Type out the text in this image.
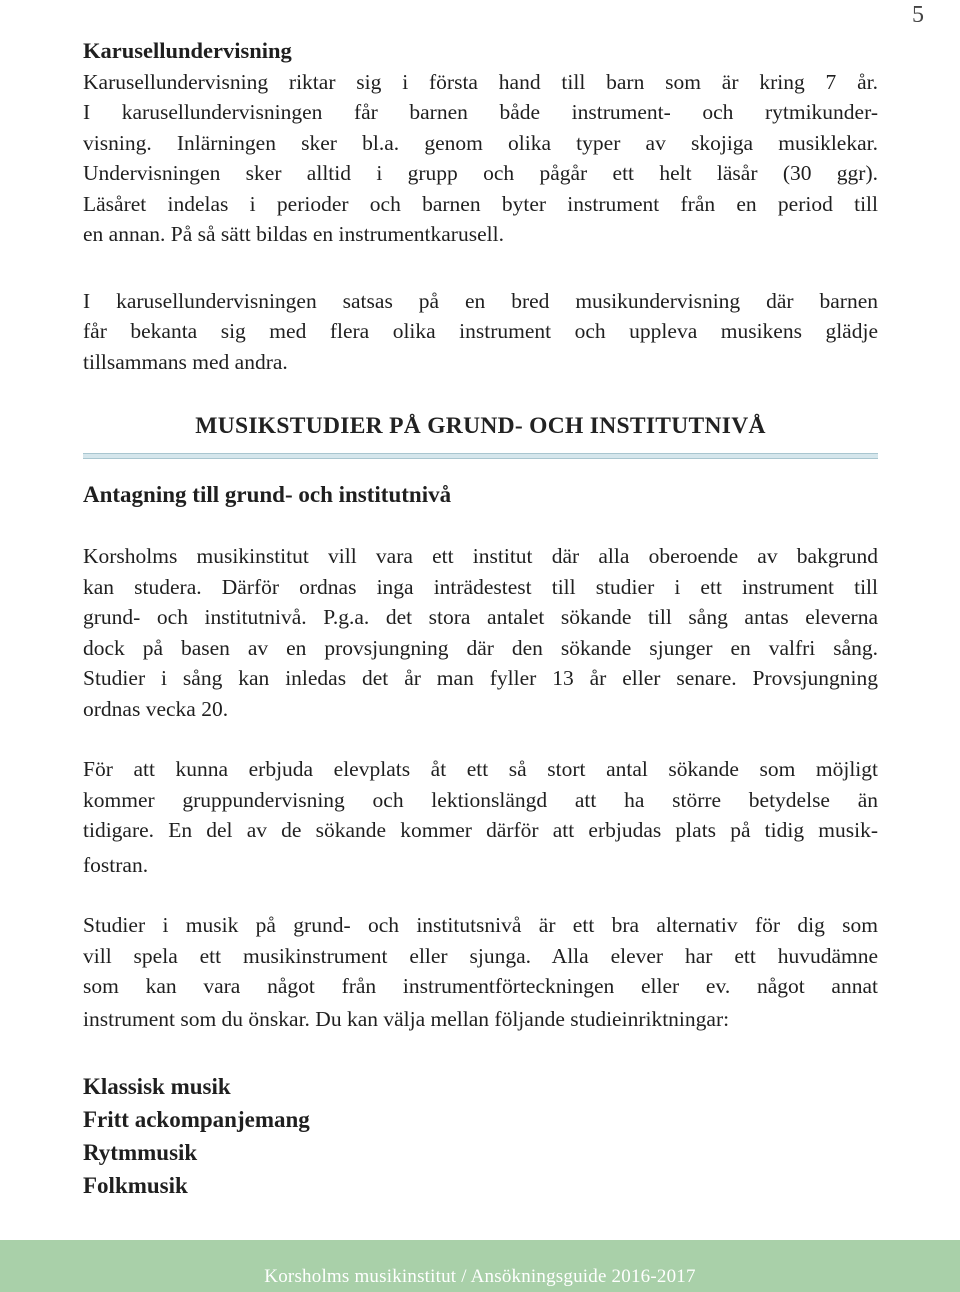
5
Karusellundervisning
Karusellundervisning riktar sig i första hand till barn som är kring 7 år.
I karusellundervisningen får barnen både instrument- och rytmikunder-
visning. Inlärningen sker bl.a. genom olika typer av skojiga musiklekar.
Undervisningen sker alltid i grupp och pågår ett helt läsår (30 ggr).
Läsåret indelas i perioder och barnen byter instrument från en period till
en annan. På så sätt bildas en instrumentkarusell.
I karusellundervisningen satsas på en bred musikundervisning där barnen
får bekanta sig med flera olika instrument och uppleva musikens glädje
tillsammans med andra.
MUSIKSTUDIER PÅ GRUND- OCH INSTITUTNIVÅ
Antagning till grund- och institutnivå
Korsholms musikinstitut vill vara ett institut där alla oberoende av bakgrund
kan studera. Därför ordnas inga inträdestest till studier i ett instrument till
grund- och institutnivå. P.g.a. det stora antalet sökande till sång antas eleverna
dock på basen av en provsjungning där den sökande sjunger en valfri sång.
Studier i sång kan inledas det år man fyller 13 år eller senare. Provsjungning
ordnas vecka 20.
För att kunna erbjuda elevplats åt ett så stort antal sökande som möjligt
kommer gruppundervisning och lektionslängd att ha större betydelse än
tidigare. En del av de sökande kommer därför att erbjudas plats på tidig musik-
fostran.
Studier i musik på grund- och institutsnivå är ett bra alternativ för dig som
vill spela ett musikinstrument eller sjunga. Alla elever har ett huvudämne
som kan vara något från instrumentförteckningen eller ev. något annat
instrument som du önskar. Du kan välja mellan följande studieinriktningar:
Klassisk musik
Fritt ackompanjemang
Rytmmusik
Folkmusik
Korsholms musikinstitut / Ansökningsguide 2016-2017
